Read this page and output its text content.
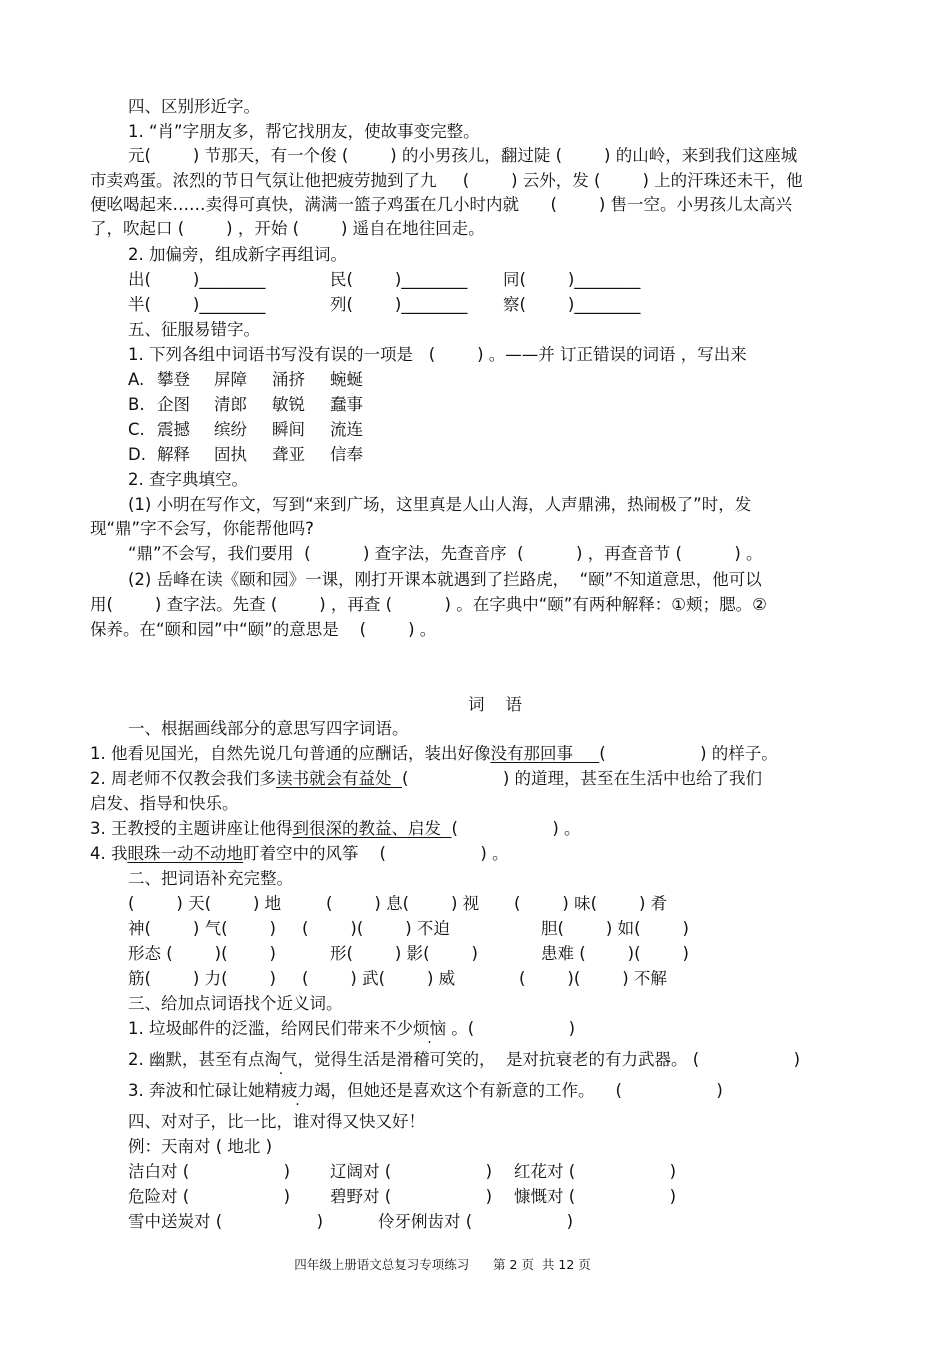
四、区别形近字。
1. “肖”字朋友多，帮它找朋友，使故事变完整。
元(        ) 节那天，有一个俊 (        ) 的小男孩儿，翻过陡 (        ) 的山岭，来到我们这座城
市卖鸡蛋。浓烈的节日气氛让他把疲劳抛到了九     (        ) 云外，发 (        ) 上的汗珠还未干，他
便吆喝起来……卖得可真快，满满一篮子鸡蛋在几小时内就      (        ) 售一空。小男孩儿太高兴
了，吹起口 (        ) ，开始 (        ) 遥自在地往回走。
2. 加偏旁，组成新字再组词。
出(        )________	民(        )________ 同(        )________
半(        )________	列(        )________ 察(        )________
五、征服易错字。
1. 下列各组中词语书写没有误的一项是   (        ) 。——并 订正错误的词语 ，写出来
A. 攀登 屏障 涌挤 蜿蜒
B. 企图 清郎 敏锐 蠢事
C. 震撼 缤纷 瞬间 流连
D. 解释 固执 聋亚 信奉
2. 查字典填空。
(1) 小明在写作文，写到“来到广场，这里真是人山人海，人声鼎沸，热闹极了”时，发
现“鼎”字不会写，你能帮他吗?
“鼎”不会写，我们要用  (          ) 查字法，先查音序  (          ) ，再查音节 (          ) 。
(2) 岳峰在读《颐和园》一课，刚打开课本就遇到了拦路虎，  “颐”不知道意思，他可以
用(        ) 查字法。先查 (        ) ，再查 (          ) 。在字典中“颐”有两种解释：①颊；腮。②
保养。在“颐和园”中“颐”的意思是    (        ) 。
词    语
一、根据画线部分的意思写四字词语。
1. 他看见国光，自然先说几句普通的应酬话，装出好像没有那回事 (                  ) 的样子。
2. 周老师不仅教会我们多读书就会有益处 (                  ) 的道理，甚至在生活中也给了我们
启发、指导和快乐。
3. 王教授的主题讲座让他得到很深的教益、启发 (                  ) 。
4. 我眼珠一动不动地盯着空中的风筝    (                  ) 。
二、把词语补充完整。
(        ) 天(        ) 地	(        ) 息(        ) 视 (        ) 味(        ) 肴
神(        ) 气(        ) (        )(        ) 不迫	胆(        ) 如(        )
形态 (        )(        )	形(        ) 影(        )	患难 (        )(        )
筋(        ) 力(        ) (        ) 武(        ) 威	(        )(        ) 不解
三、给加点词语找个近义词。
1. 垃圾邮件的泛滥，给网民们带来不少烦恼 。(                  )
2. 幽默，甚至有点淘气，觉得生活是滑稽可笑的，  是对抗衰老的有力武器。 (                  )
3. 奔波和忙碌让她精疲力竭，但她还是喜欢这个有新意的工作。    (                  )
四、对对子，比一比，谁对得又快又好！
例：天南对 ( 地北 )
洁白对 (                  ) 辽阔对 (                  ) 红花对 (                  )
危险对 (                  ) 碧野对 (                  ) 慷慨对 (                  )
雪中送炭对 (                  )	伶牙俐齿对 (                  )
四年级上册语文总复习专项练习      第 2 页  共 12 页
